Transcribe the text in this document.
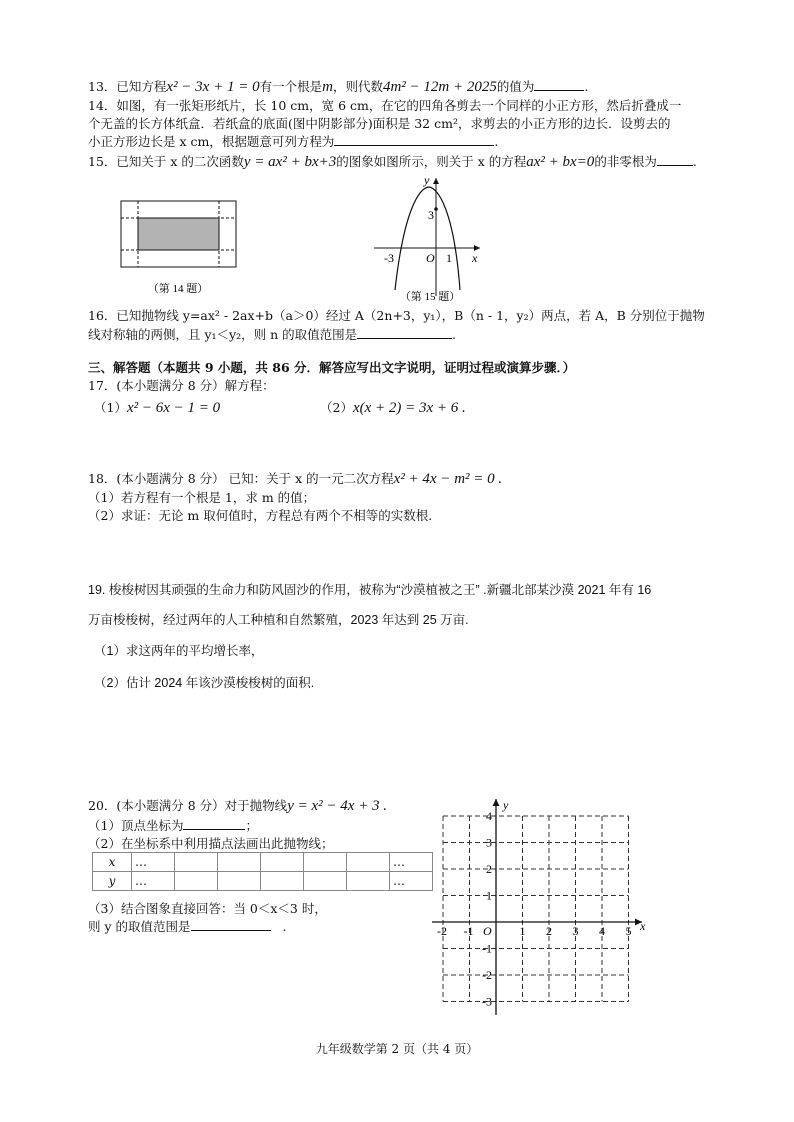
13．已知方程x² − 3x + 1 = 0有一个根是m，则代数4m² − 12m + 2025的值为	.
14．如图，有一张矩形纸片，长 10 cm，宽 6 cm，在它的四角各剪去一个同样的小正方形，然后折叠成一
个无盖的长方体纸盒．若纸盒的底面(图中阴影部分)面积是 32 cm²，求剪去的小正方形的边长．设剪去的
小正方形边长是 x cm，根据题意可列方程为	.
15．已知关于 x 的二次函数y = ax² + bx+3的图象如图所示，则关于 x 的方程ax² + bx=0的非零根为	.
（第 14 题）
x
y
O
-3	1
3
（第 15 题）
16．已知抛物线 y=ax² - 2ax+b（a＞0）经过 A（2n+3，y₁），B（n - 1，y₂）两点，若 A，B 分别位于抛物
线对称轴的两侧，且 y₁＜y₂，则 n 的取值范围是	.
三、解答题（本题共 9 小题，共 86 分．解答应写出文字说明，证明过程或演算步骤．）
17．(本小题满分 8 分）解方程：
（1）x² − 6x − 1 = 0	（2）x(x + 2) = 3x + 6 .
18．(本小题满分 8 分） 已知：关于 x 的一元二次方程x² + 4x − m² = 0 .
（1）若方程有一个根是 1，求 m 的值；
（2）求证：无论 m 取何值时，方程总有两个不相等的实数根.
19. 梭梭树因其顽强的生命力和防风固沙的作用，被称为“沙漠植被之王” .新疆北部某沙漠 2021 年有 16
万亩梭梭树，经过两年的人工种植和自然繁殖，2023 年达到 25 万亩.
（1）求这两年的平均增长率，
（2）估计 2024 年该沙漠梭梭树的面积.
20．(本小题满分 8 分）对于抛物线y = x² − 4x + 3 .
（1）顶点坐标为	；
（2）在坐标系中利用描点法画出此抛物线；
x	…						…
y	…						…
（3）结合图象直接回答：当 0＜x＜3 时，
则 y 的取值范围是	.	x
y
O
-2 -1	1 2 3 4 5
4
3
2
1
-1
-2
-3
九年级数学第 2 页（共 4 页）
